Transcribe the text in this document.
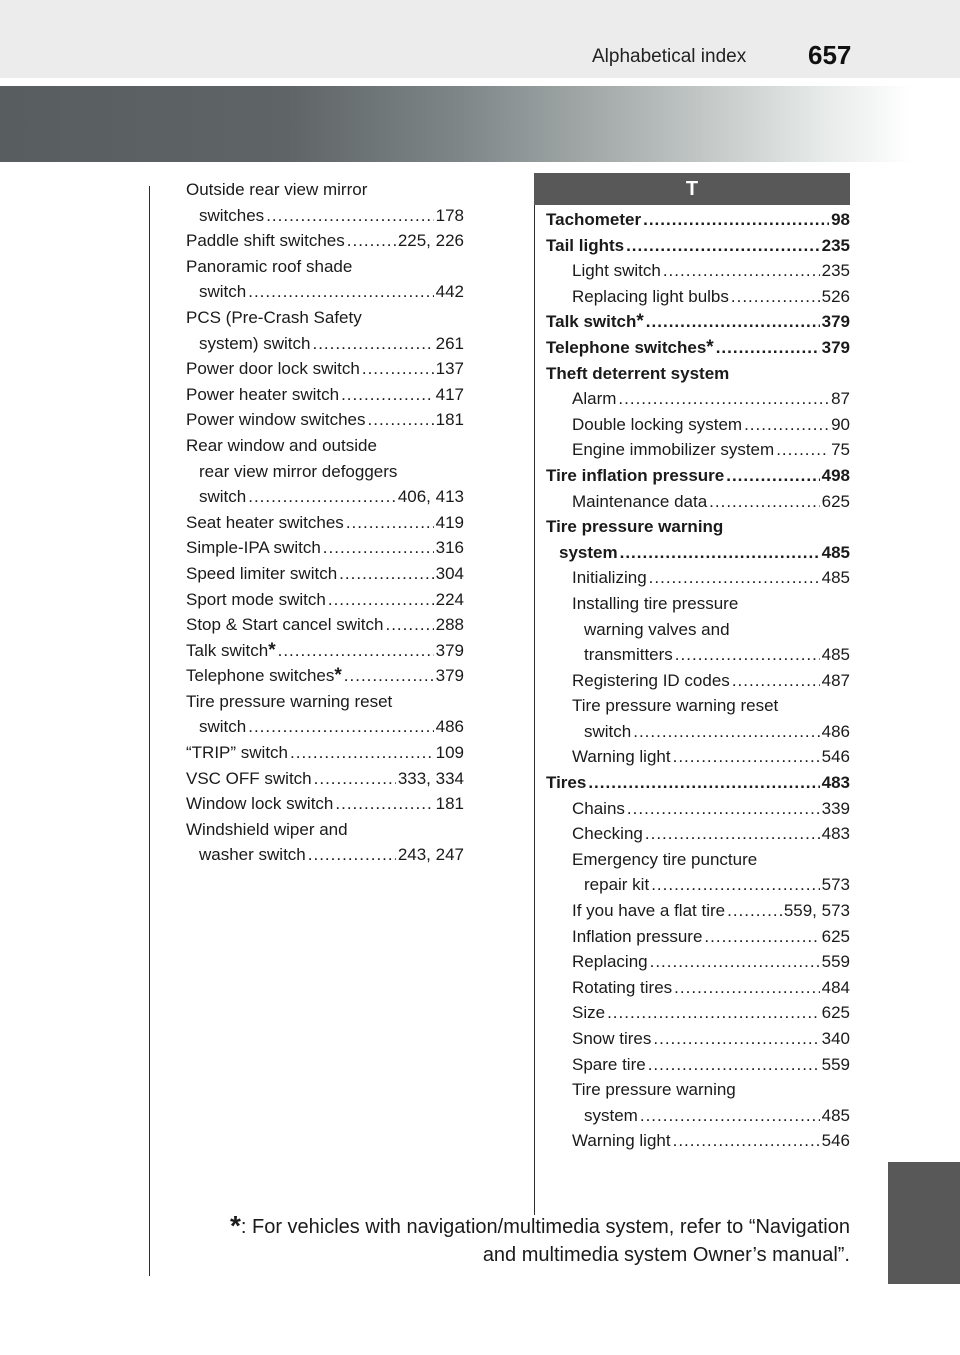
Alphabetical index 657
T
Outside rear view mirror
switches .....	178
Paddle shift switches .....	225, 226
Panoramic roof shade
switch .....	442
PCS (Pre-Crash Safety
system) switch .....	261
Power door lock switch .....	137
Power heater switch .....	417
Power window switches .....	181
Rear window and outside
rear view mirror defoggers
switch .....	406, 413
Seat heater switches .....	419
Simple-IPA switch .....	316
Speed limiter switch .....	304
Sport mode switch .....	224
Stop & Start cancel switch .....	288
Talk switch * .....	379
Telephone switches * .....	379
Tire pressure warning reset
switch .....	486
“TRIP” switch .....	109
VSC OFF switch .....	333, 334
Window lock switch .....	181
Windshield wiper and
washer switch .....	243, 247
Tachometer .....	98
Tail lights .....	235
Light switch .....	235
Replacing light bulbs .....	526
Talk switch * .....	379
Telephone switches * .....	379
Theft deterrent system
Alarm .....	87
Double locking system .....	90
Engine immobilizer system .....	75
Tire inflation pressure .....	498
Maintenance data .....	625
Tire pressure warning
system .....	485
Initializing .....	485
Installing tire pressure
warning valves and
transmitters .....	485
Registering ID codes .....	487
Tire pressure warning reset
switch .....	486
Warning light .....	546
Tires .....	483
Chains .....	339
Checking .....	483
Emergency tire puncture
repair kit .....	573
If you have a flat tire .....	559, 573
Inflation pressure .....	625
Replacing .....	559
Rotating tires .....	484
Size .....	625
Snow tires .....	340
Spare tire .....	559
Tire pressure warning
system .....	485
Warning light .....	546
*: For vehicles with navigation/multimedia system, refer to “Navigation
and multimedia system Owner’s manual”.
